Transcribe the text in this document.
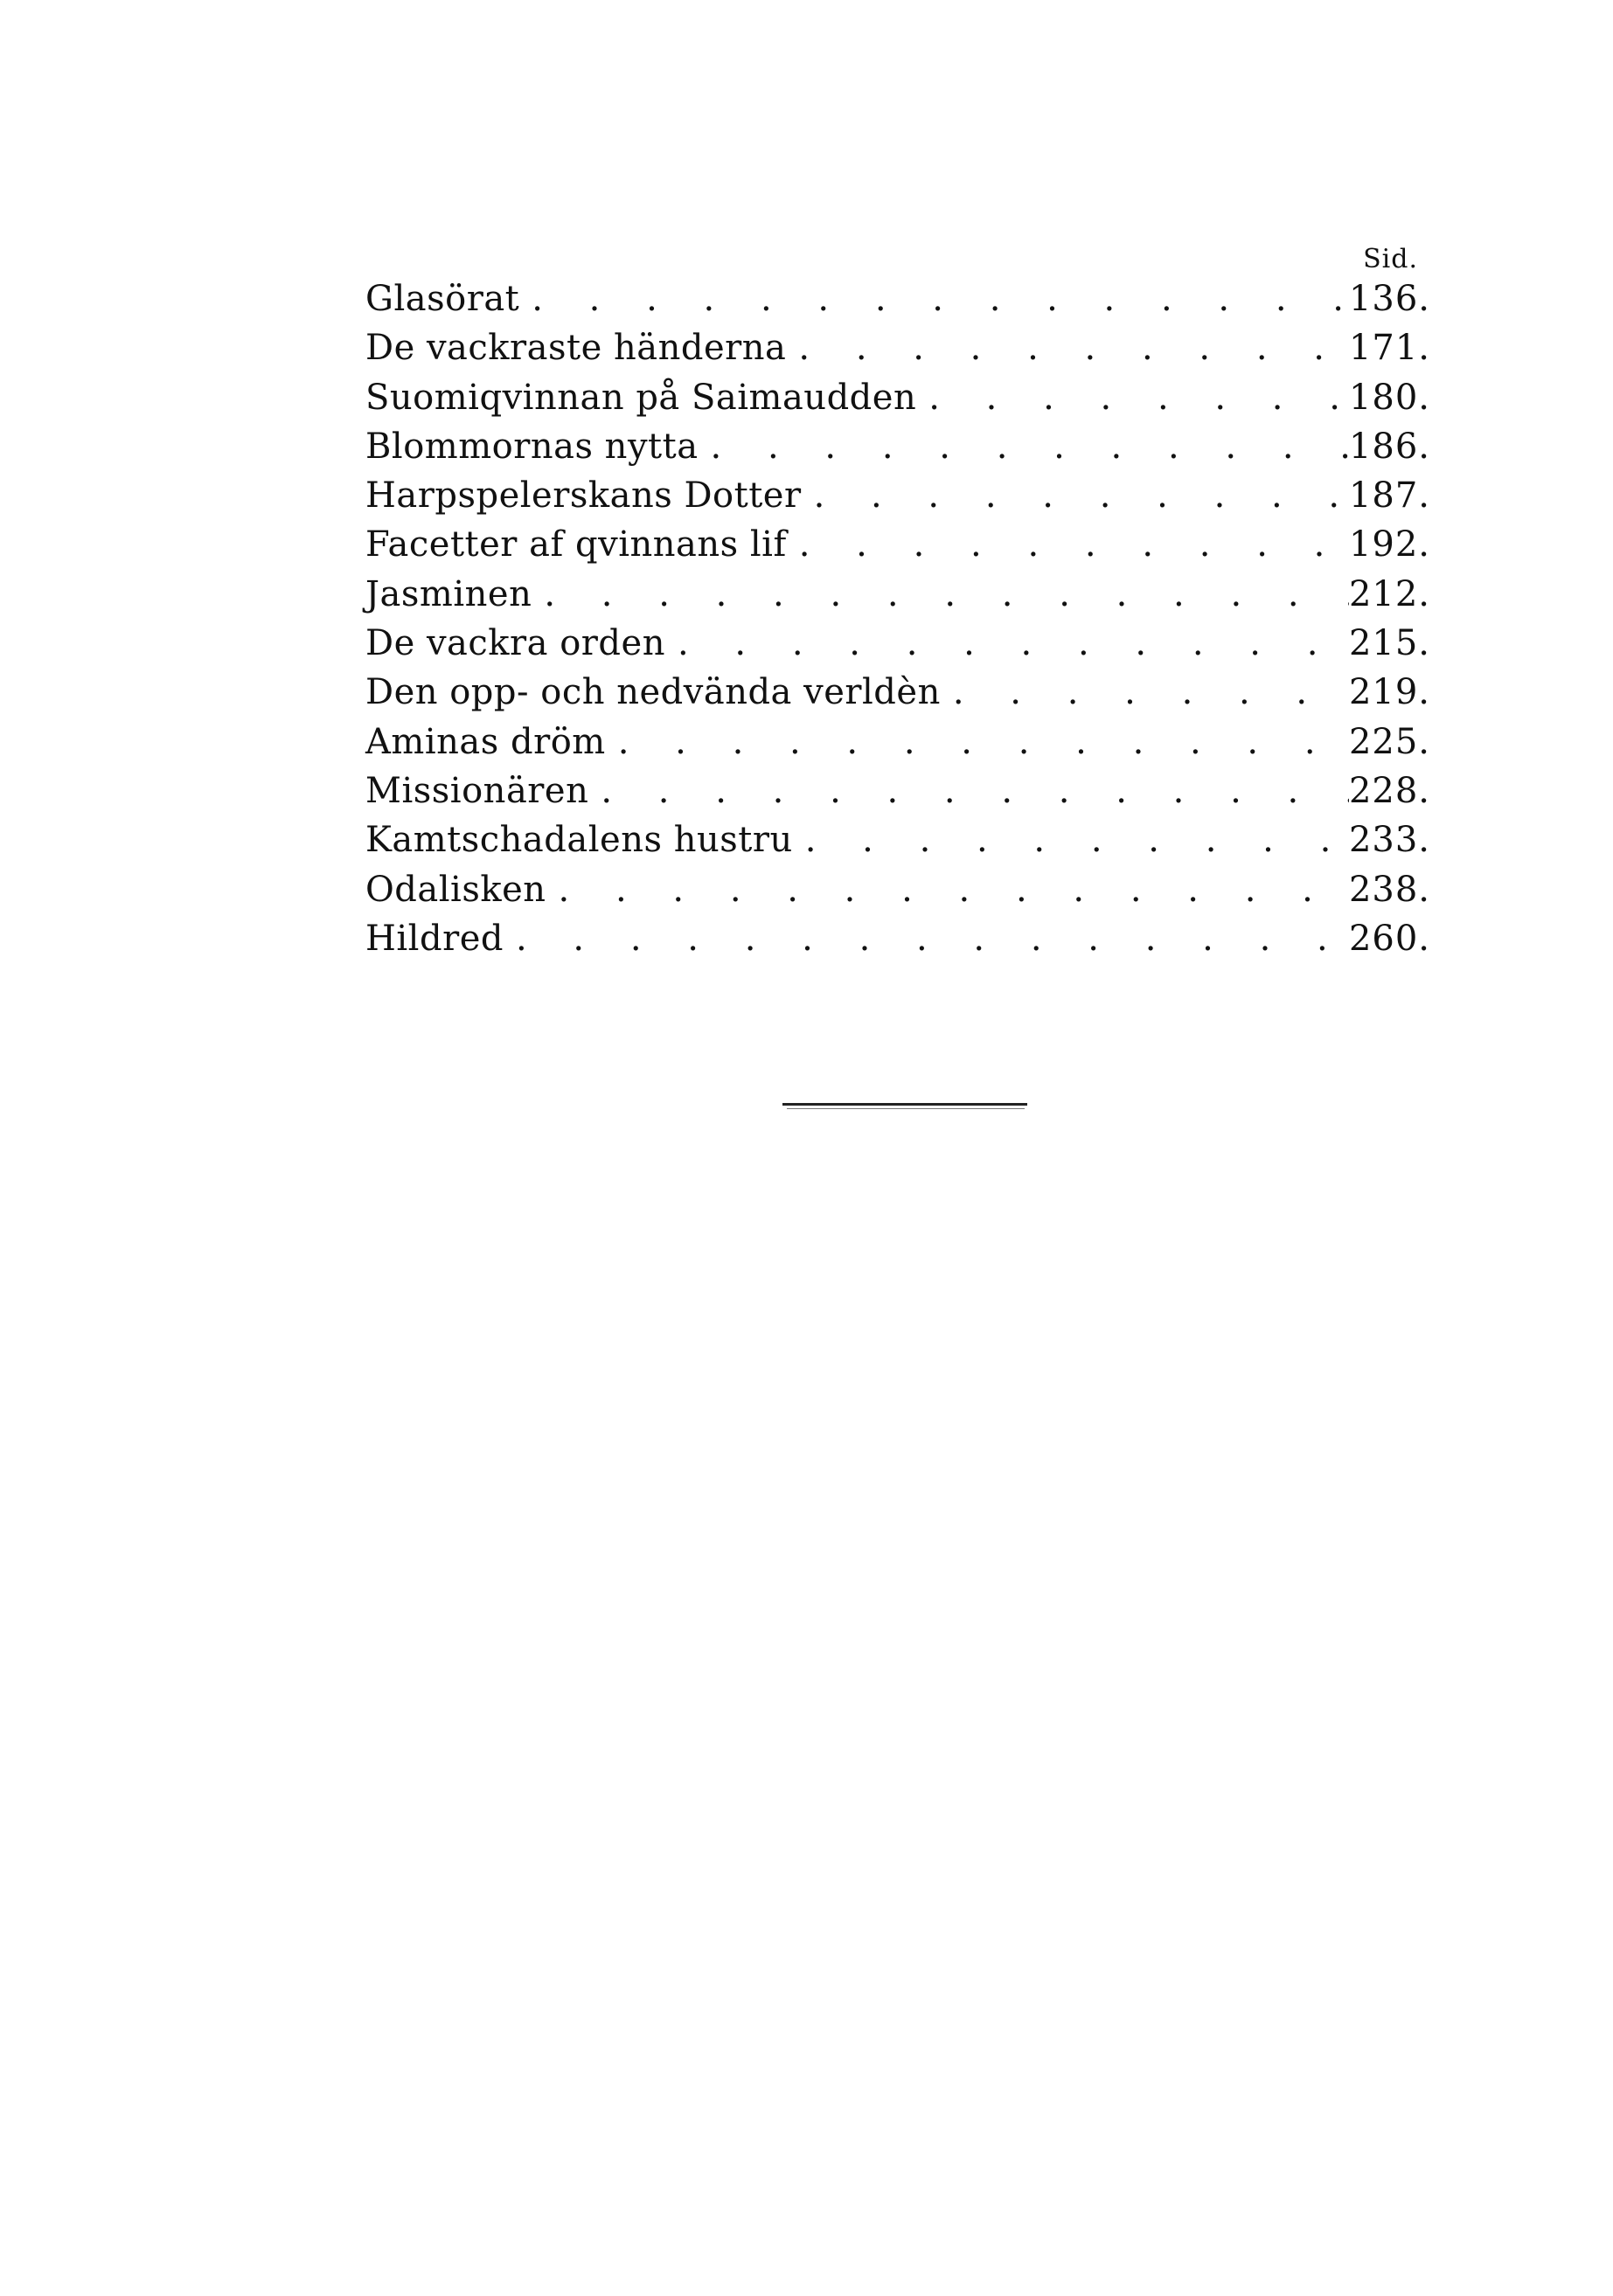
Sid.
Glasörat . . .	136.
De vackraste händerna . . .	171.
Suomiqvinnan på Saimaudden . . .	180.
Blommornas nytta . . .	186.
Harpspelerskans Dotter . . .	187.
Facetter af qvinnans lif . . .	192.
Jasminen . . .	212.
De vackra orden . . .	215.
Den opp- och nedvända verldèn . . .	219.
Aminas dröm . . .	225.
Missionären . . .	228.
Kamtschadalens hustru . . .	233.
Odalisken . . .	238.
Hildred . . .	260.
